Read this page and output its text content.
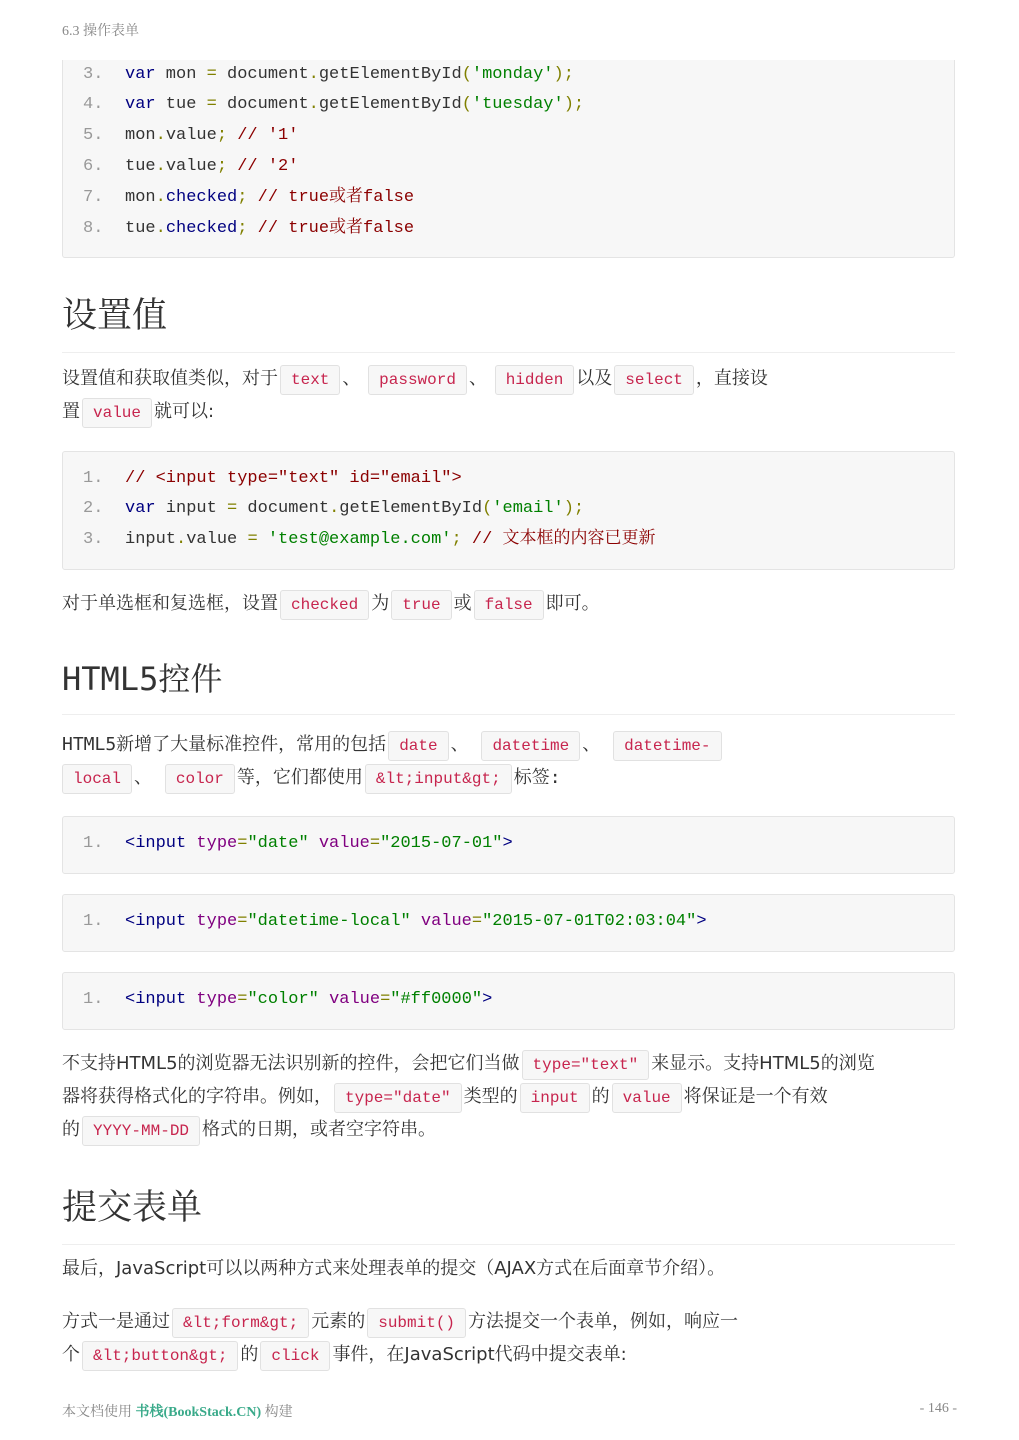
6.3 操作表单
3. var mon = document.getElementById('monday');
4. var tue = document.getElementById('tuesday');
5. mon.value; // '1'
6. tue.value; // '2'
7. mon.checked; // true或者false
8. tue.checked; // true或者false
设置值
设置值和获取值类似，对于 text 、 password 、 hidden 以及 select ，直接设
置 value 就可以:
1. // <input type="text" id="email">
2. var input = document.getElementById('email');
3. input.value = 'test@example.com'; // 文本框的内容已更新
对于单选框和复选框，设置 checked 为 true 或 false 即可。
HTML5控件
HTML5新增了大量标准控件，常用的包括 date 、 datetime 、 datetime-
local 、 color 等，它们都使用 &lt;input&gt; 标签:
1. <input type="date" value="2015-07-01">
1. <input type="datetime-local" value="2015-07-01T02:03:04">
1. <input type="color" value="#ff0000">
不支持HTML5的浏览器无法识别新的控件，会把它们当做 type="text" 来显示。支持HTML5的浏览
器将获得格式化的字符串。例如， type="date" 类型的 input 的 value 将保证是一个有效
的 YYYY-MM-DD 格式的日期，或者空字符串。
提交表单
最后，JavaScript可以以两种方式来处理表单的提交（AJAX方式在后面章节介绍）。
方式一是通过 &lt;form&gt; 元素的 submit() 方法提交一个表单，例如，响应一
个 &lt;button&gt; 的 click 事件，在JavaScript代码中提交表单:
本文档使用 书栈(BookStack.CN) 构建	- 146 -
